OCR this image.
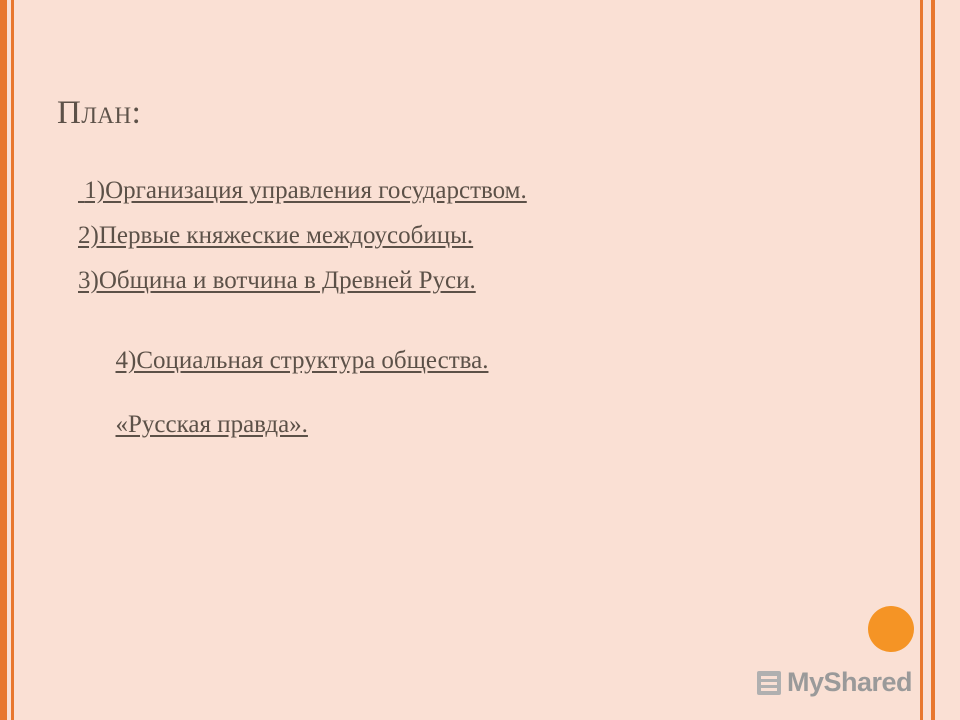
План:
1)Организация управления государством.
2)Первые княжеские междоусобицы.
3)Община и вотчина в Древней Руси.

4)Социальная структура общества.

«Русская правда».

MyShared
